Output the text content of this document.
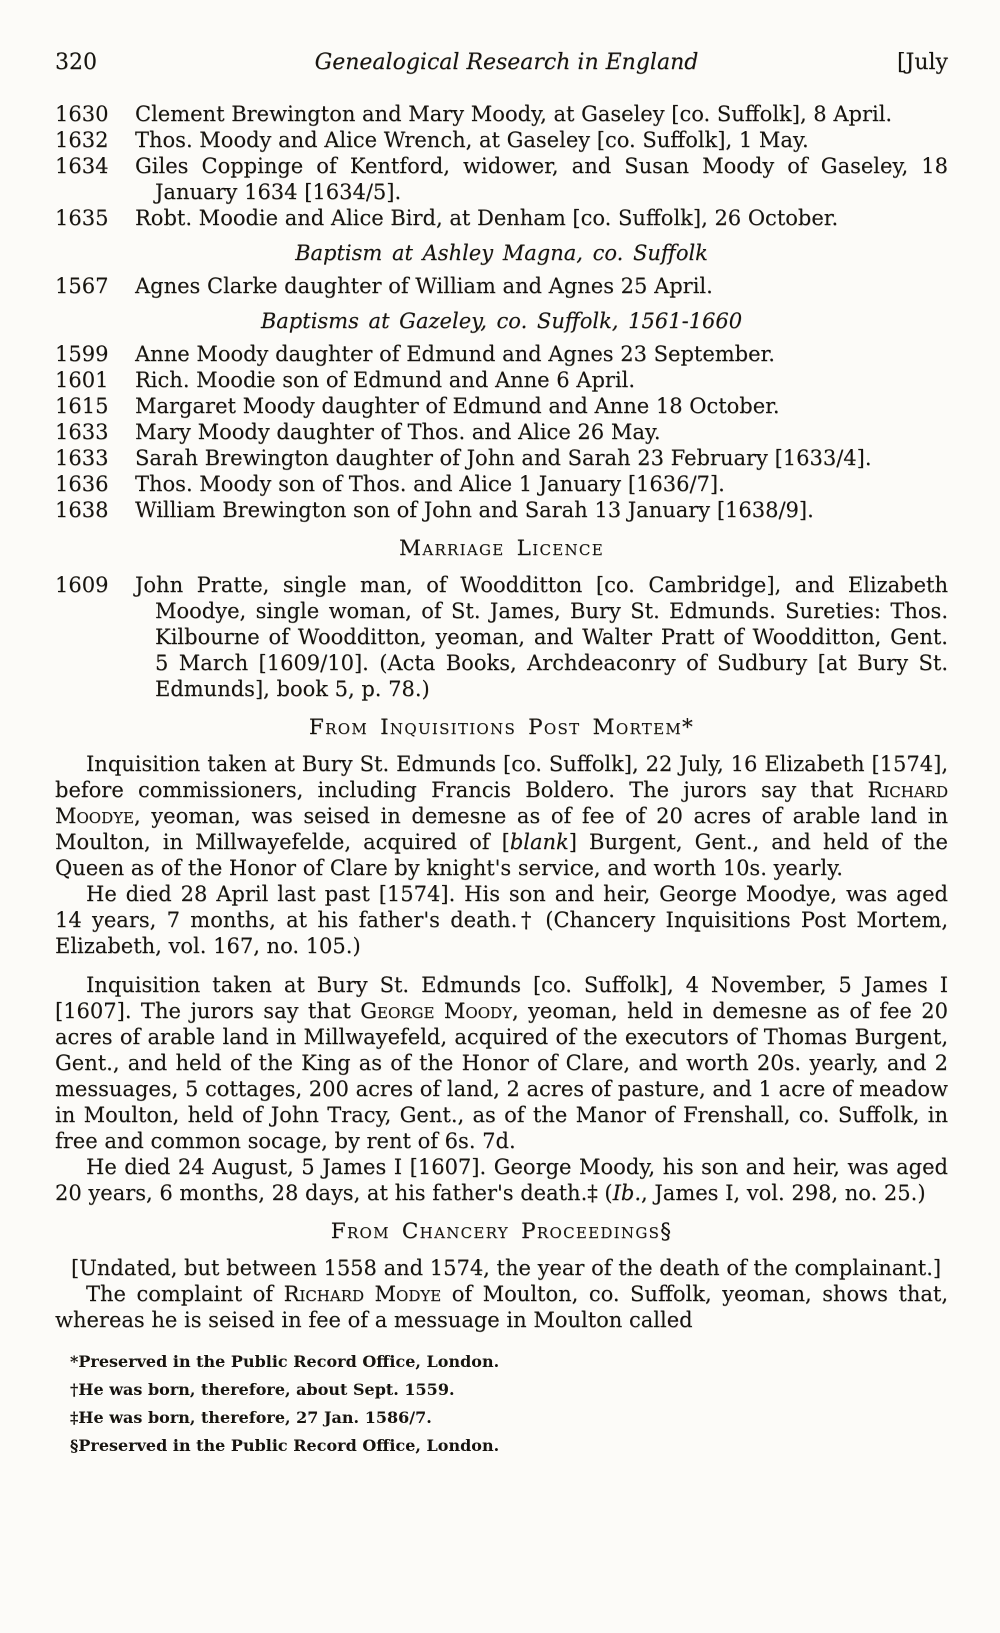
320	Genealogical Research in England	[July
1630	Clement Brewington and Mary Moody, at Gaseley [co. Suffolk], 8 April.

1632	Thos. Moody and Alice Wrench, at Gaseley [co. Suffolk], 1 May.

1634	Giles Coppinge of Kentford, widower, and Susan Moody of Gaseley, 18 January 1634 [1634/5].

1635	Robt. Moodie and Alice Bird, at Denham [co. Suffolk], 26 October.

Baptism at Ashley Magna, co. Suffolk
1567	Agnes Clarke daughter of William and Agnes 25 April.

Baptisms at Gazeley, co. Suffolk, 1561-1660
1599	Anne Moody daughter of Edmund and Agnes 23 September.

1601	Rich. Moodie son of Edmund and Anne 6 April.

1615	Margaret Moody daughter of Edmund and Anne 18 October.

1633	Mary Moody daughter of Thos. and Alice 26 May.

1633	Sarah Brewington daughter of John and Sarah 23 February [1633/4].

1636	Thos. Moody son of Thos. and Alice 1 January [1636/7].

1638	William Brewington son of John and Sarah 13 January [1638/9].

Marriage Licence
1609	John Pratte, single man, of Woodditton [co. Cambridge], and Elizabeth Moodye, single woman, of St. James, Bury St. Edmunds. Sureties: Thos. Kilbourne of Woodditton, yeoman, and Walter Pratt of Woodditton, Gent. 5 March [1609/10]. (Acta Books, Archdeaconry of Sudbury [at Bury St. Edmunds], book 5, p. 78.)

From Inquisitions Post Mortem*

Inquisition taken at Bury St. Edmunds [co. Suffolk], 22 July, 16 Elizabeth [1574], before commissioners, including Francis Boldero. The jurors say that Richard Moodye, yeoman, was seised in demesne as of fee of 20 acres of arable land in Moulton, in Millwayefelde, acquired of [blank] Burgent, Gent., and held of the Queen as of the Honor of Clare by knight's service, and worth 10s. yearly.

He died 28 April last past [1574]. His son and heir, George Moodye, was aged 14 years, 7 months, at his father's death.† (Chancery Inquisitions Post Mortem, Elizabeth, vol. 167, no. 105.)

Inquisition taken at Bury St. Edmunds [co. Suffolk], 4 November, 5 James I [1607]. The jurors say that George Moody, yeoman, held in demesne as of fee 20 acres of arable land in Millwayefeld, acquired of the executors of Thomas Burgent, Gent., and held of the King as of the Honor of Clare, and worth 20s. yearly, and 2 messuages, 5 cottages, 200 acres of land, 2 acres of pasture, and 1 acre of meadow in Moulton, held of John Tracy, Gent., as of the Manor of Frenshall, co. Suffolk, in free and common socage, by rent of 6s. 7d.

He died 24 August, 5 James I [1607]. George Moody, his son and heir, was aged 20 years, 6 months, 28 days, at his father's death.‡ (Ib., James I, vol. 298, no. 25.)

From Chancery Proceedings§

[Undated, but between 1558 and 1574, the year of the death of the complainant.]

The complaint of Richard Modye of Moulton, co. Suffolk, yeoman, shows that, whereas he is seised in fee of a messuage in Moulton called

*Preserved in the Public Record Office, London.
†He was born, therefore, about Sept. 1559.
‡He was born, therefore, 27 Jan. 1586/7.
§Preserved in the Public Record Office, London.
